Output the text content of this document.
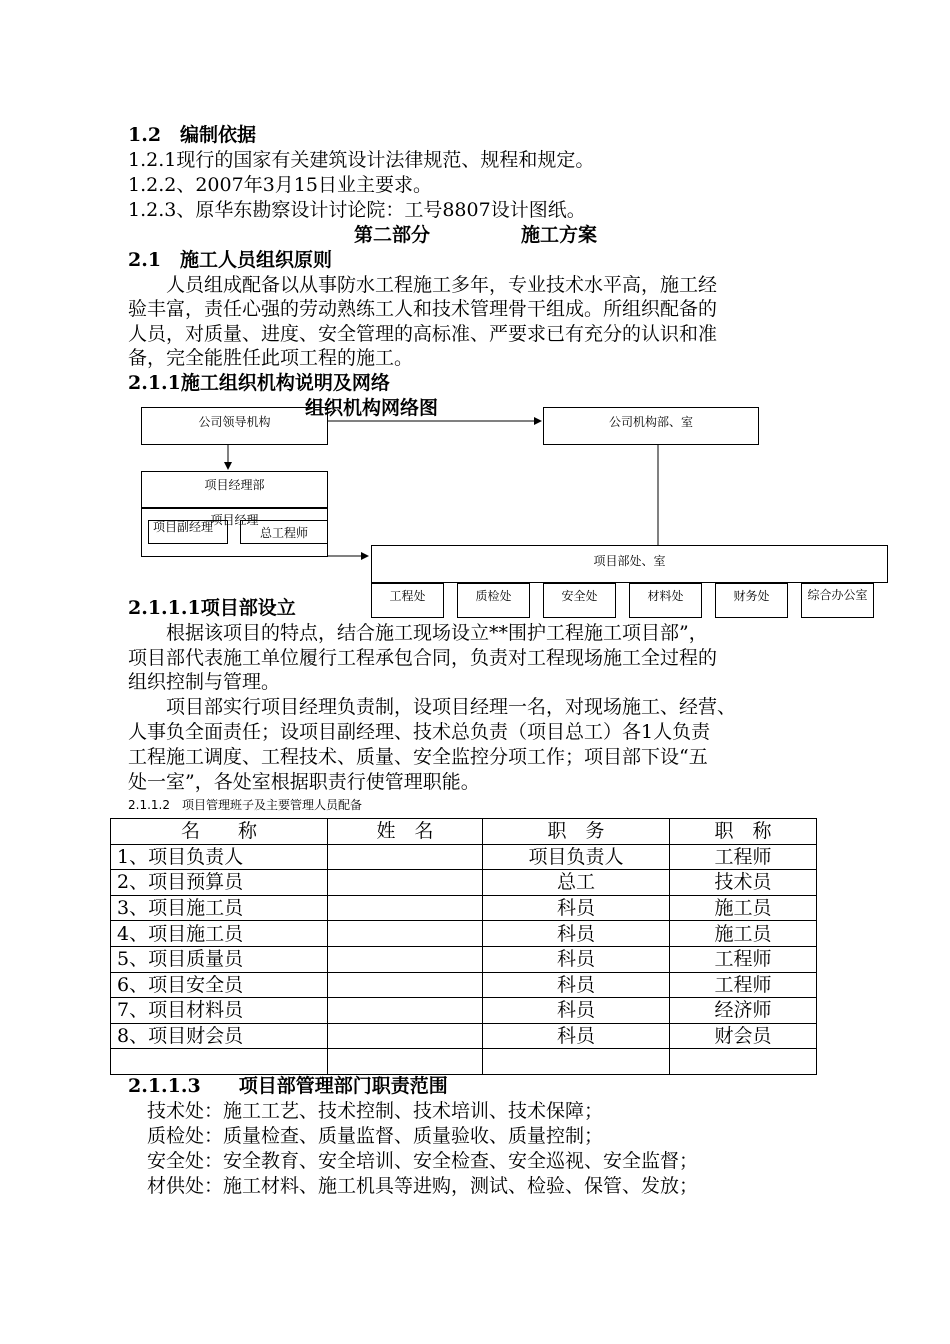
1.2　编制依据
1.2.1现行的国家有关建筑设计法律规范、规程和规定。
1.2.2、2007年3月15日业主要求。
1.2.3、原华东勘察设计讨论院：工号8807设计图纸。
第二部分	施工方案
2.1　施工人员组织原则
　　人员组成配备以从事防水工程施工多年，专业技术水平高，施工经
验丰富，责任心强的劳动熟练工人和技术管理骨干组成。所组织配备的
人员，对质量、进度、安全管理的高标准、严要求已有充分的认识和准
备，完全能胜任此项工程的施工。
2.1.1施工组织机构说明及网络
组织机构网络图
公司领导机构	公司机构部、室
项目经理部
项目经理
项目副经理	总工程师
项目部处、室
工程处	质检处	安全处	材料处	财务处	综合办公室
2.1.1.1项目部设立
　　根据该项目的特点，结合施工现场设立**围护工程施工项目部”，
项目部代表施工单位履行工程承包合同，负责对工程现场施工全过程的
组织控制与管理。
　　项目部实行项目经理负责制，设项目经理一名，对现场施工、经营、
人事负全面责任；设项目副经理、技术总负责（项目总工）各1人负责
工程施工调度、工程技术、质量、安全监控分项工作；项目部下设“五
处一室”，各处室根据职责行使管理职能。
2.1.1.2　项目管理班子及主要管理人员配备
名　　称	姓　名	职　务	职　称
1、项目负责人		项目负责人	工程师
2、项目预算员		总工	技术员
3、项目施工员		科员	施工员
4、项目施工员		科员	施工员
5、项目质量员		科员	工程师
6、项目安全员		科员	工程师
7、项目材料员		科员	经济师
8、项目财会员		科员	财会员

2.1.1.3　　项目部管理部门职责范围
　技术处：施工工艺、技术控制、技术培训、技术保障；
　质检处：质量检查、质量监督、质量验收、质量控制；
　安全处：安全教育、安全培训、安全检查、安全巡视、安全监督；
　材供处：施工材料、施工机具等进购，测试、检验、保管、发放；
